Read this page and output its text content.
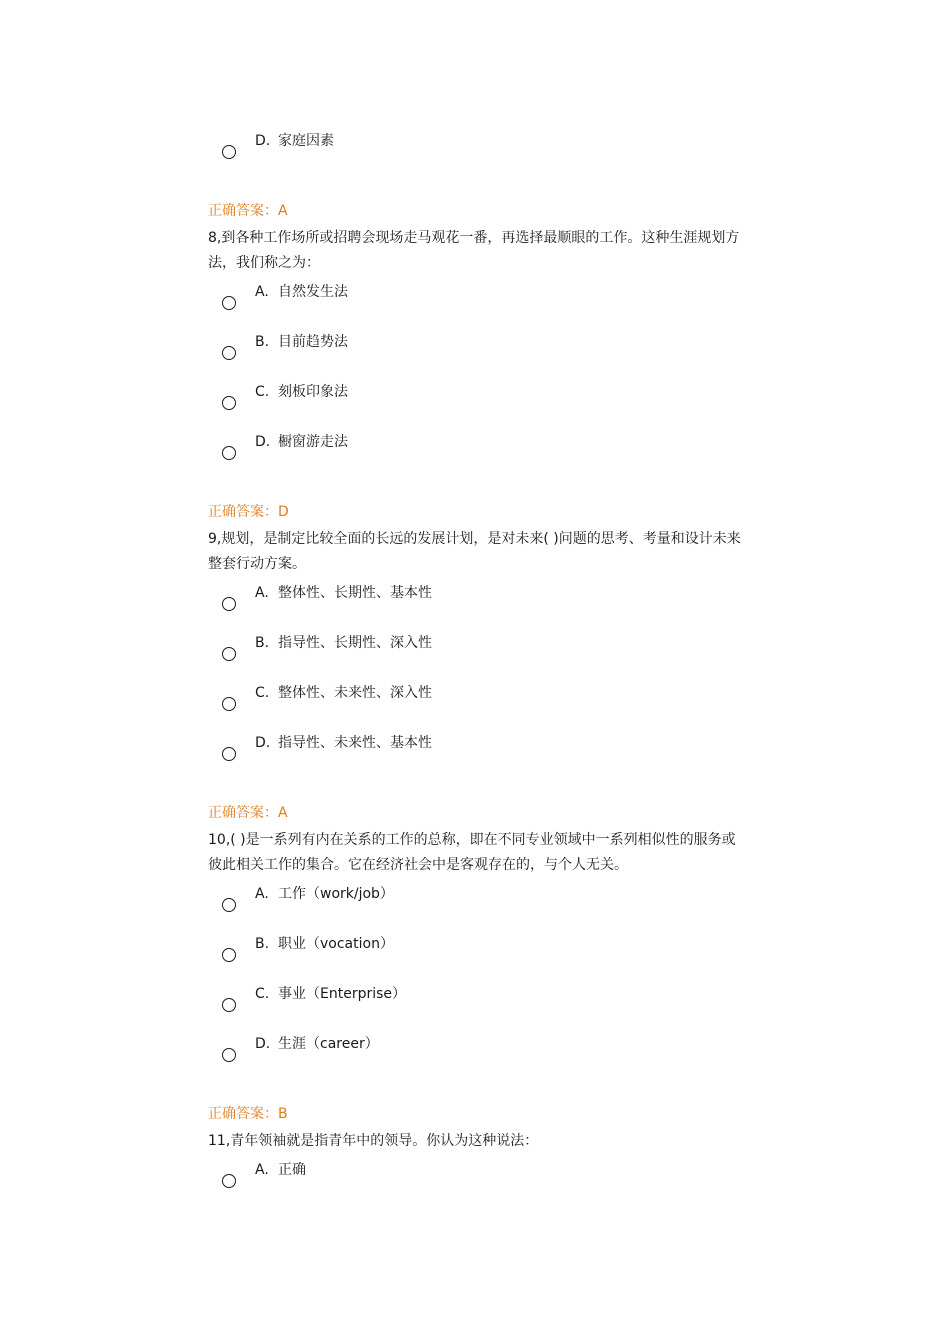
D. 家庭因素
正确答案：A
8,到各种工作场所或招聘会现场走马观花一番，再选择最顺眼的工作。这种生涯规划方法，我们称之为：
A. 自然发生法
B. 目前趋势法
C. 刻板印象法
D. 橱窗游走法
正确答案：D
9,规划，是制定比较全面的长远的发展计划，是对未来( )问题的思考、考量和设计未来整套行动方案。
A. 整体性、长期性、基本性
B. 指导性、长期性、深入性
C. 整体性、未来性、深入性
D. 指导性、未来性、基本性
正确答案：A
10,( )是一系列有内在关系的工作的总称，即在不同专业领域中一系列相似性的服务或彼此相关工作的集合。它在经济社会中是客观存在的，与个人无关。
A. 工作（work/job）
B. 职业（vocation）
C. 事业（Enterprise）
D. 生涯（career）
正确答案：B
11,青年领袖就是指青年中的领导。你认为这种说法：
A. 正确
